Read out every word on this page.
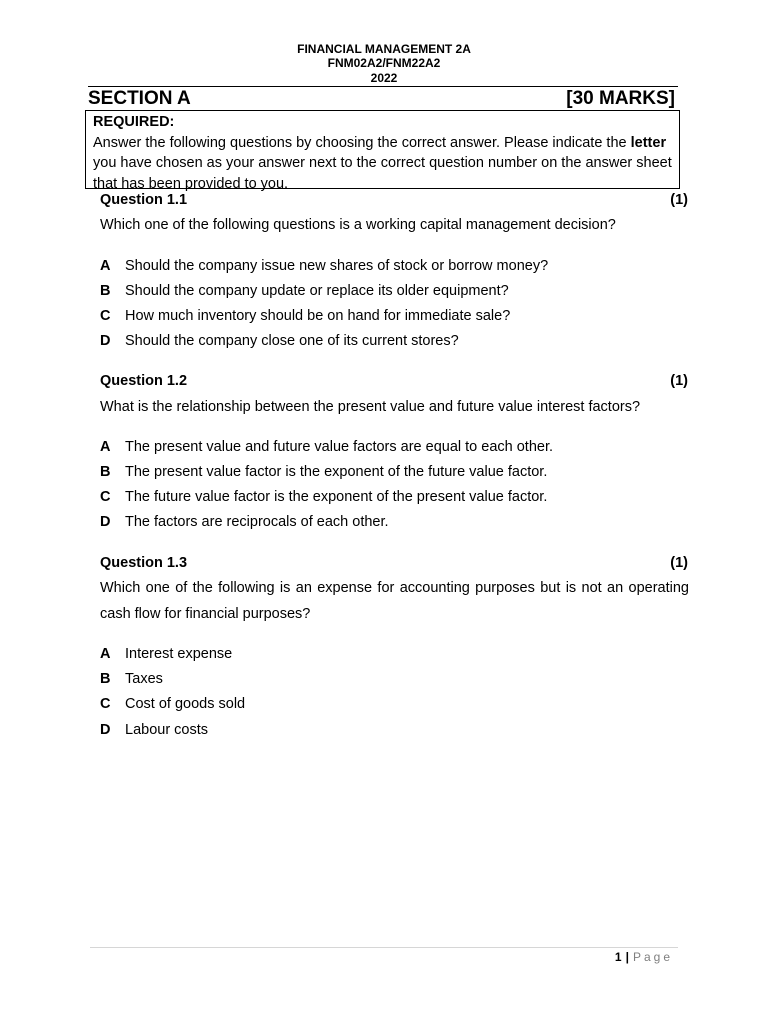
FINANCIAL MANAGEMENT 2A
FNM02A2/FNM22A2
2022
SECTION A	[30 MARKS]
REQUIRED:
Answer the following questions by choosing the correct answer. Please indicate the letter you have chosen as your answer next to the correct question number on the answer sheet that has been provided to you.
Question 1.1	(1)
Which one of the following questions is a working capital management decision?
A Should the company issue new shares of stock or borrow money?
B Should the company update or replace its older equipment?
C How much inventory should be on hand for immediate sale?
D Should the company close one of its current stores?
Question 1.2	(1)
What is the relationship between the present value and future value interest factors?
A The present value and future value factors are equal to each other.
B The present value factor is the exponent of the future value factor.
C The future value factor is the exponent of the present value factor.
D The factors are reciprocals of each other.
Question 1.3	(1)
Which one of the following is an expense for accounting purposes but is not an operating cash flow for financial purposes?
A Interest expense
B Taxes
C Cost of goods sold
D Labour costs
1 | Page
